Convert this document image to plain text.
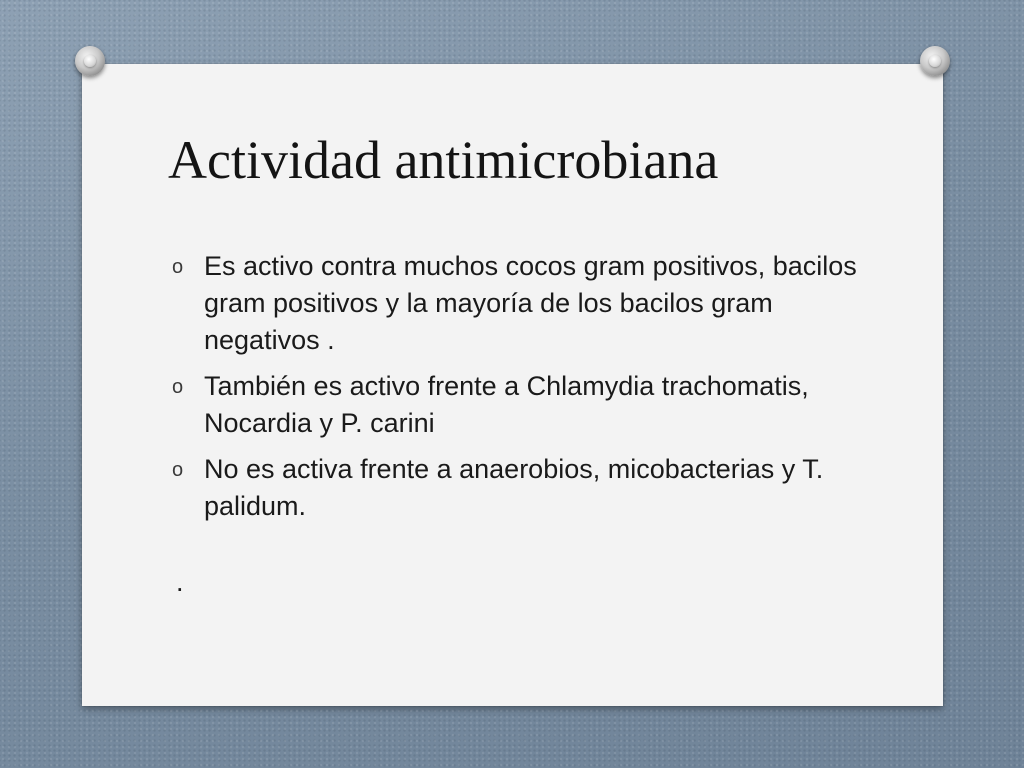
Actividad antimicrobiana
o Es activo contra muchos cocos gram positivos, bacilos gram positivos y la mayoría de los bacilos gram negativos .
o También es activo frente a Chlamydia trachomatis, Nocardia y P. carini
o No es activa frente a anaerobios, micobacterias y T. palidum.
.
